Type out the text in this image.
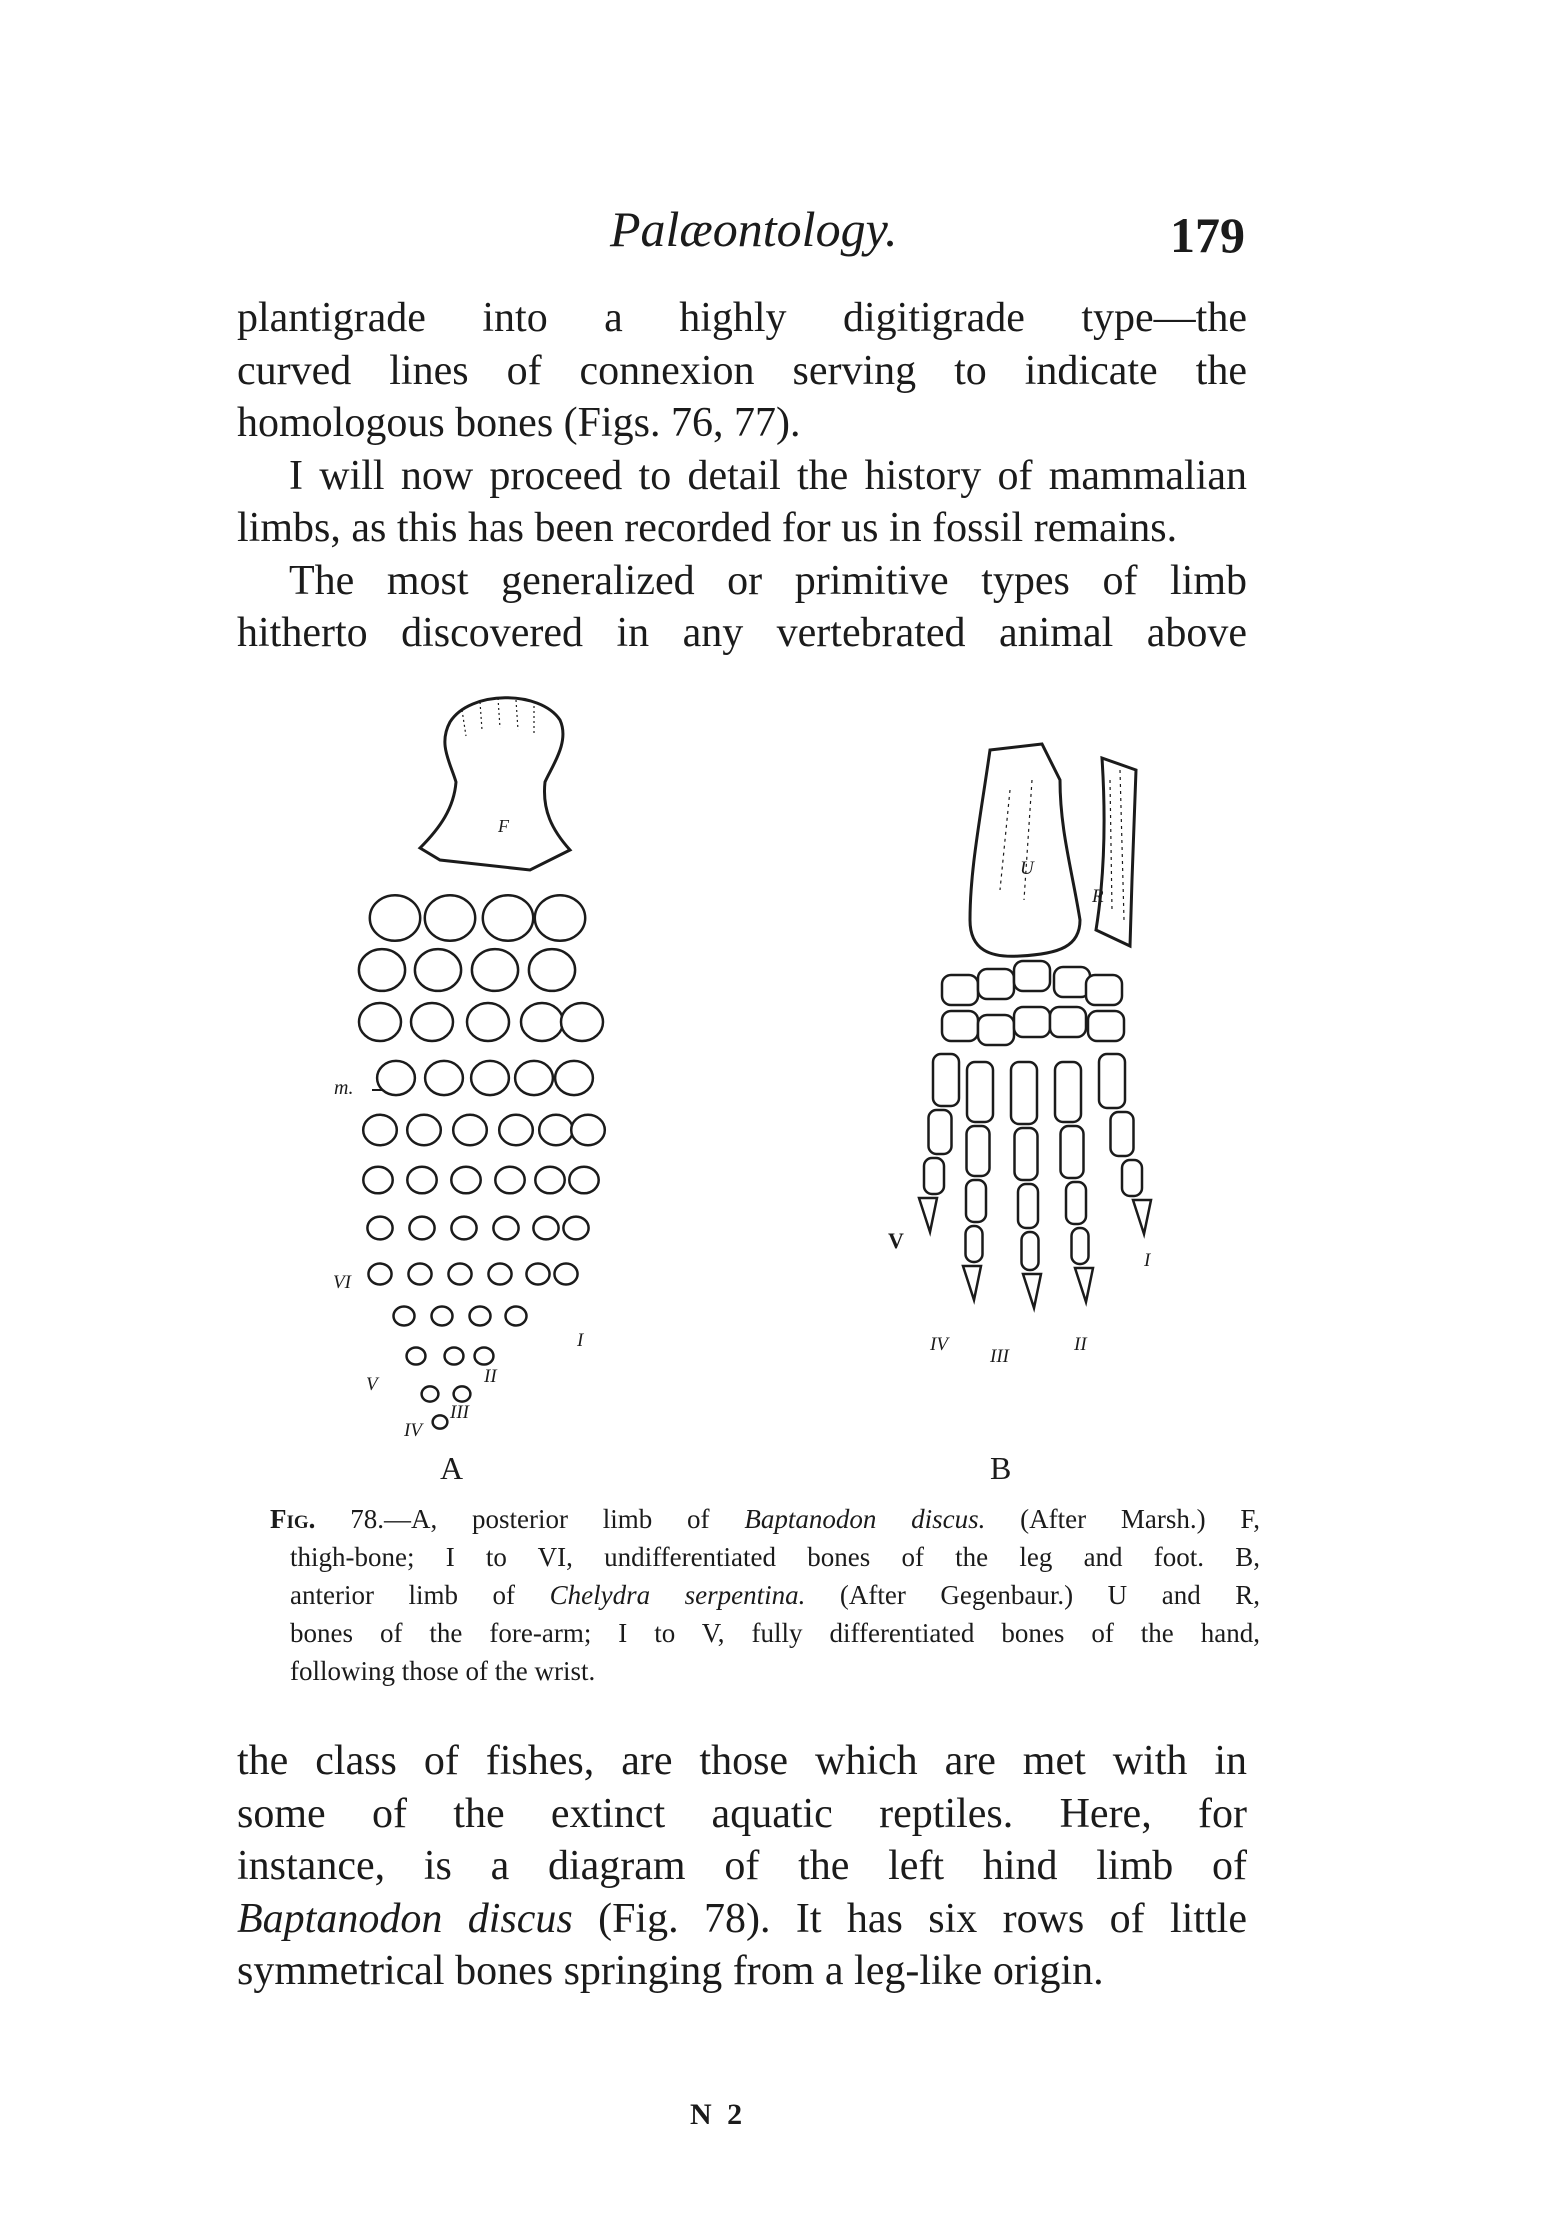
Palæontology.	179

plantigrade into a highly digitigrade type—the

curved lines of connexion serving to indicate the

homologous bones (Figs. 76, 77).

I will now proceed to detail the history of mammalian

limbs, as this has been recorded for us in fossil remains.

The most generalized or primitive types of limb

hitherto discovered in any vertebrated animal above

F
m.
VI
V
IV
III
II
I
U
R
V
IV
III
II
I
A	B

Fig. 78.—A, posterior limb of Baptanodon discus. (After Marsh.) F,

thigh-bone; I to VI, undifferentiated bones of the leg and foot. B,

anterior limb of Chelydra serpentina. (After Gegenbaur.) U and R,

bones of the fore-arm; I to V, fully differentiated bones of the hand,

following those of the wrist.

the class of fishes, are those which are met with in

some of the extinct aquatic reptiles. Here, for

instance, is a diagram of the left hind limb of

Baptanodon discus (Fig. 78). It has six rows of little

symmetrical bones springing from a leg-like origin.

N 2
